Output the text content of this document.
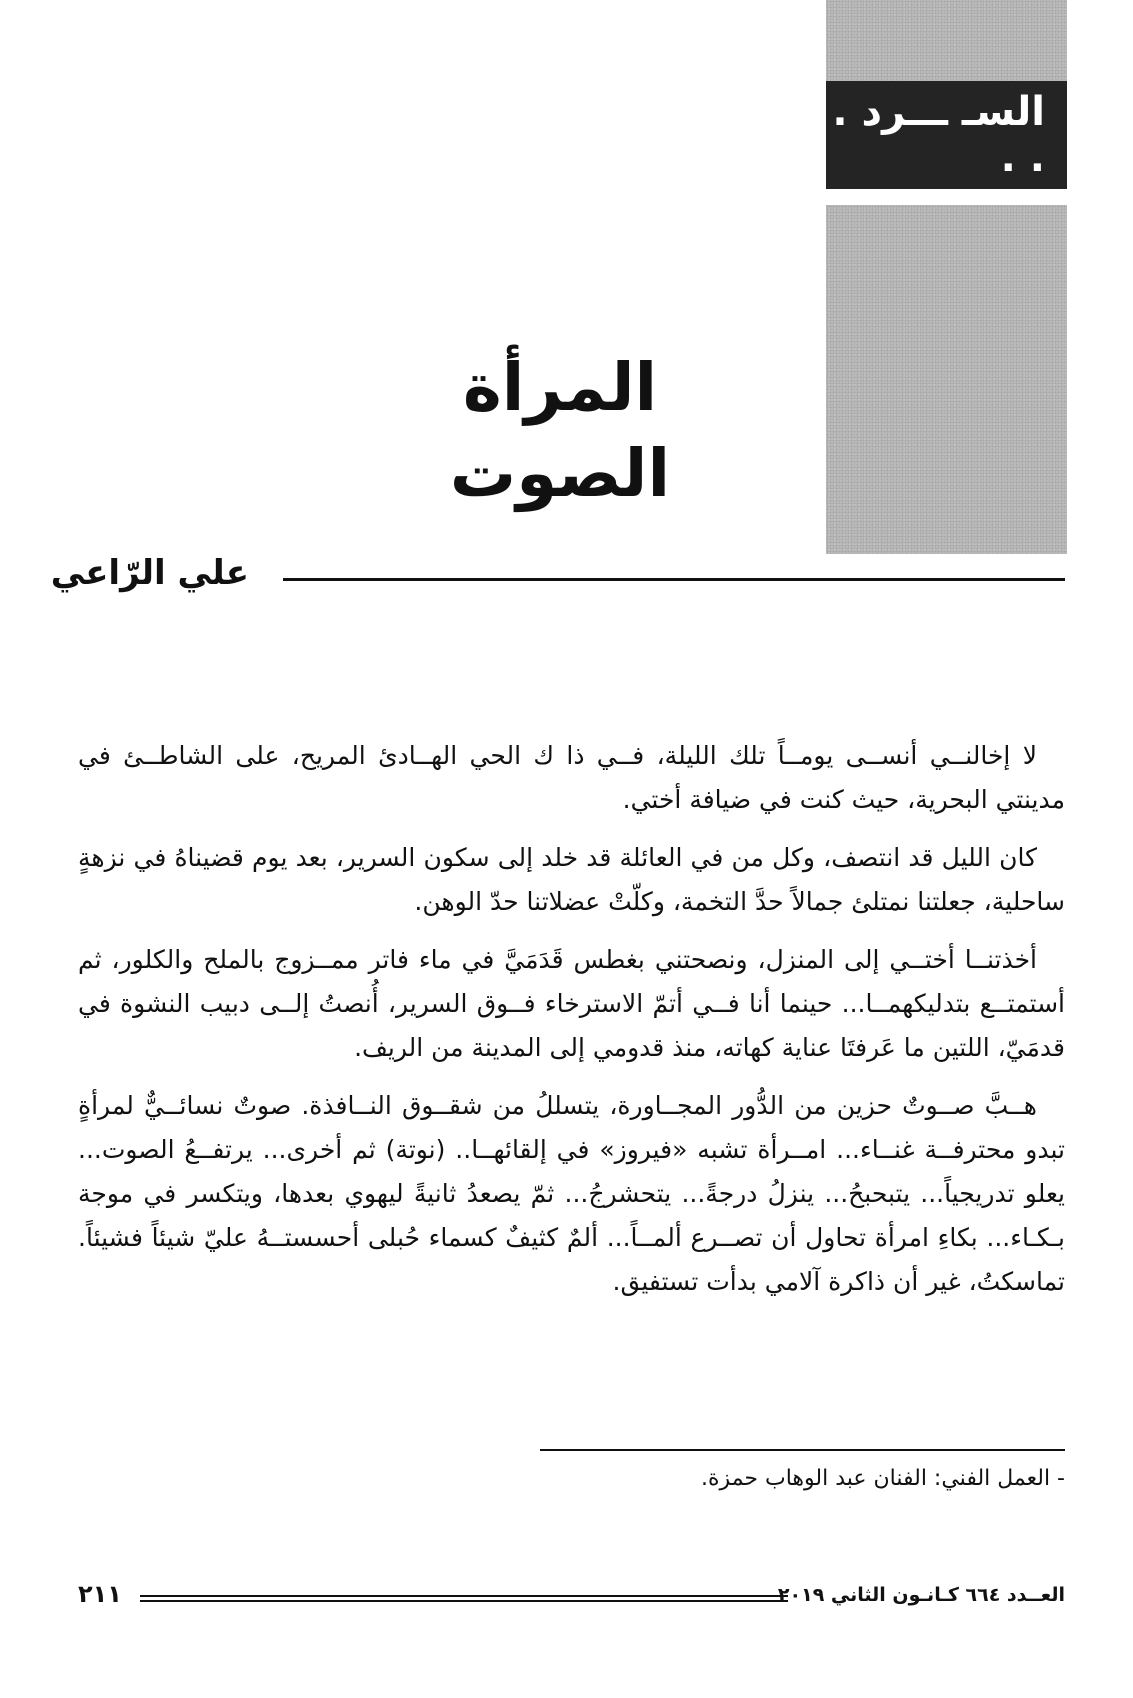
السـ ـــرد . . .
المرأة الصوت
علي الرّاعي

لا إخالنــي أنســى يومــاً تلك الليلة، فــي ذا ك الحي الهــادئ المريح، على الشاطــئ في مدينتي البحرية، حيث كنت في ضيافة أختي.

كان الليل قد انتصف، وكل من في العائلة قد خلد إلى سكون السرير، بعد يوم قضيناهُ في نزهةٍ ساحلية، جعلتنا نمتلئ جمالاً حدَّ التخمة، وكلّتْ عضلاتنا حدّ الوهن.

أخذتنــا أختــي إلى المنزل، ونصحتني بغطس قَدَمَيَّ في ماء فاتر ممــزوج بالملح والكلور، ثم أستمتــع بتدليكهمــا... حينما أنا فــي أتمّ الاسترخاء فــوق السرير، أُنصتُ إلــى دبيب النشوة في قدمَيّ، اللتين ما عَرفتَا عناية كهاته، منذ قدومي إلى المدينة من الريف.

هــبَّ صــوتٌ حزين من الدُّور المجــاورة، يتسللُ من شقــوق النــافذة. صوتٌ نسائــيٌّ لمرأةٍ تبدو محترفــة غنــاء... امــرأة تشبه «فيروز» في إلقائهــا.. (نوتة) ثم أخرى... يرتفــعُ الصوت... يعلو تدريجياً... يتبحبحُ... ينزلُ درجةً... يتحشرجُ... ثمّ يصعدُ ثانيةً ليهوي بعدها، ويتكسر في موجة بـكـاء... بكاءِ امرأة تحاول أن تصــرع ألمــاً... ألمٌ كثيفٌ كسماء حُبلى أحسستــهُ عليّ شيئاً فشيئاً. تماسكتُ، غير أن ذاكرة آلامي بدأت تستفيق.

- العمل الفني: الفنان عبد الوهاب حمزة.
العــدد ٦٦٤ كـانـون الثاني ٢٠١٩
٢١١
